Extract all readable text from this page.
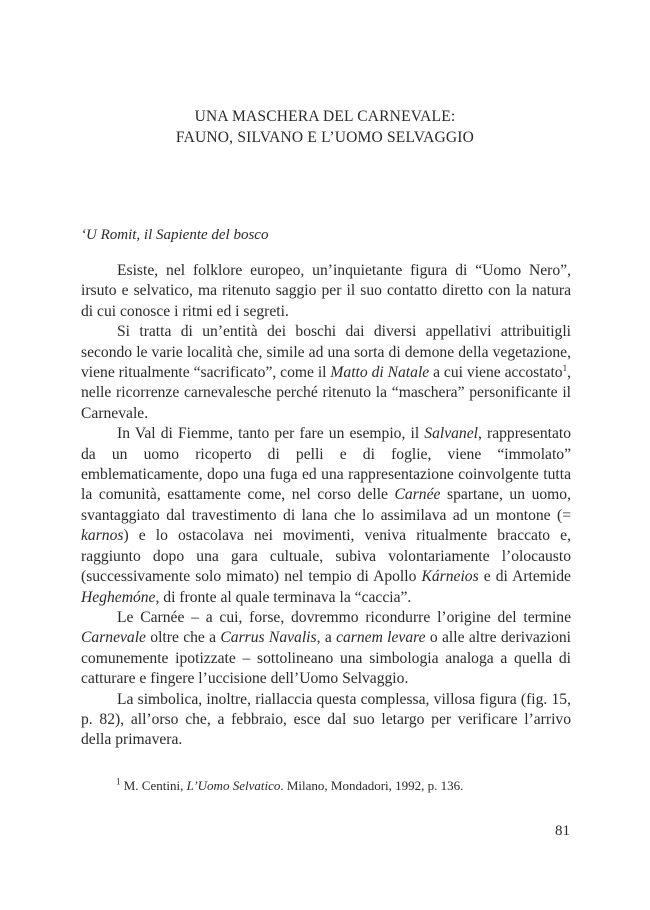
UNA MASCHERA DEL CARNEVALE:
FAUNO, SILVANO E L’UOMO SELVAGGIO
‘U Romit, il Sapiente del bosco

Esiste, nel folklore europeo, un’inquietante figura di “Uomo Nero”, irsuto e selvatico, ma ritenuto saggio per il suo contatto diretto con la natura di cui conosce i ritmi ed i segreti.

Si tratta di un’entità dei boschi dai diversi appellativi attribuitigli secondo le varie località che, simile ad una sorta di demone della vegetazione, viene ritualmente “sacrificato”, come il Matto di Natale a cui viene accostato$^1$, nelle ricorrenze carnevalesche perché ritenuto la “maschera” personificante il Carnevale.

In Val di Fiemme, tanto per fare un esempio, il Salvanel, rappresentato da un uomo ricoperto di pelli e di foglie, viene “immolato” emblematicamente, dopo una fuga ed una rappresentazione coinvolgente tutta la comunità, esattamente come, nel corso delle Carnée spartane, un uomo, svantaggiato dal travestimento di lana che lo assimilava ad un montone (= karnos) e lo ostacolava nei movimenti, veniva ritualmente braccato e, raggiunto dopo una gara cultuale, subiva volontariamente l’olocausto (successivamente solo mimato) nel tempio di Apollo Kárneios e di Artemide Heghemóne, di fronte al quale terminava la “caccia”.

Le Carnée – a cui, forse, dovremmo ricondurre l’origine del termine Carnevale oltre che a Carrus Navalis, a carnem levare o alle altre derivazioni comunemente ipotizzate – sottolineano una simbologia analoga a quella di catturare e fingere l’uccisione dell’Uomo Selvaggio.

La simbolica, inoltre, riallaccia questa complessa, villosa figura (fig. 15, p. 82), all’orso che, a febbraio, esce dal suo letargo per verificare l’arrivo della primavera.

$^1$ M. Centini, L’Uomo Selvatico. Milano, Mondadori, 1992, p. 136.
81
